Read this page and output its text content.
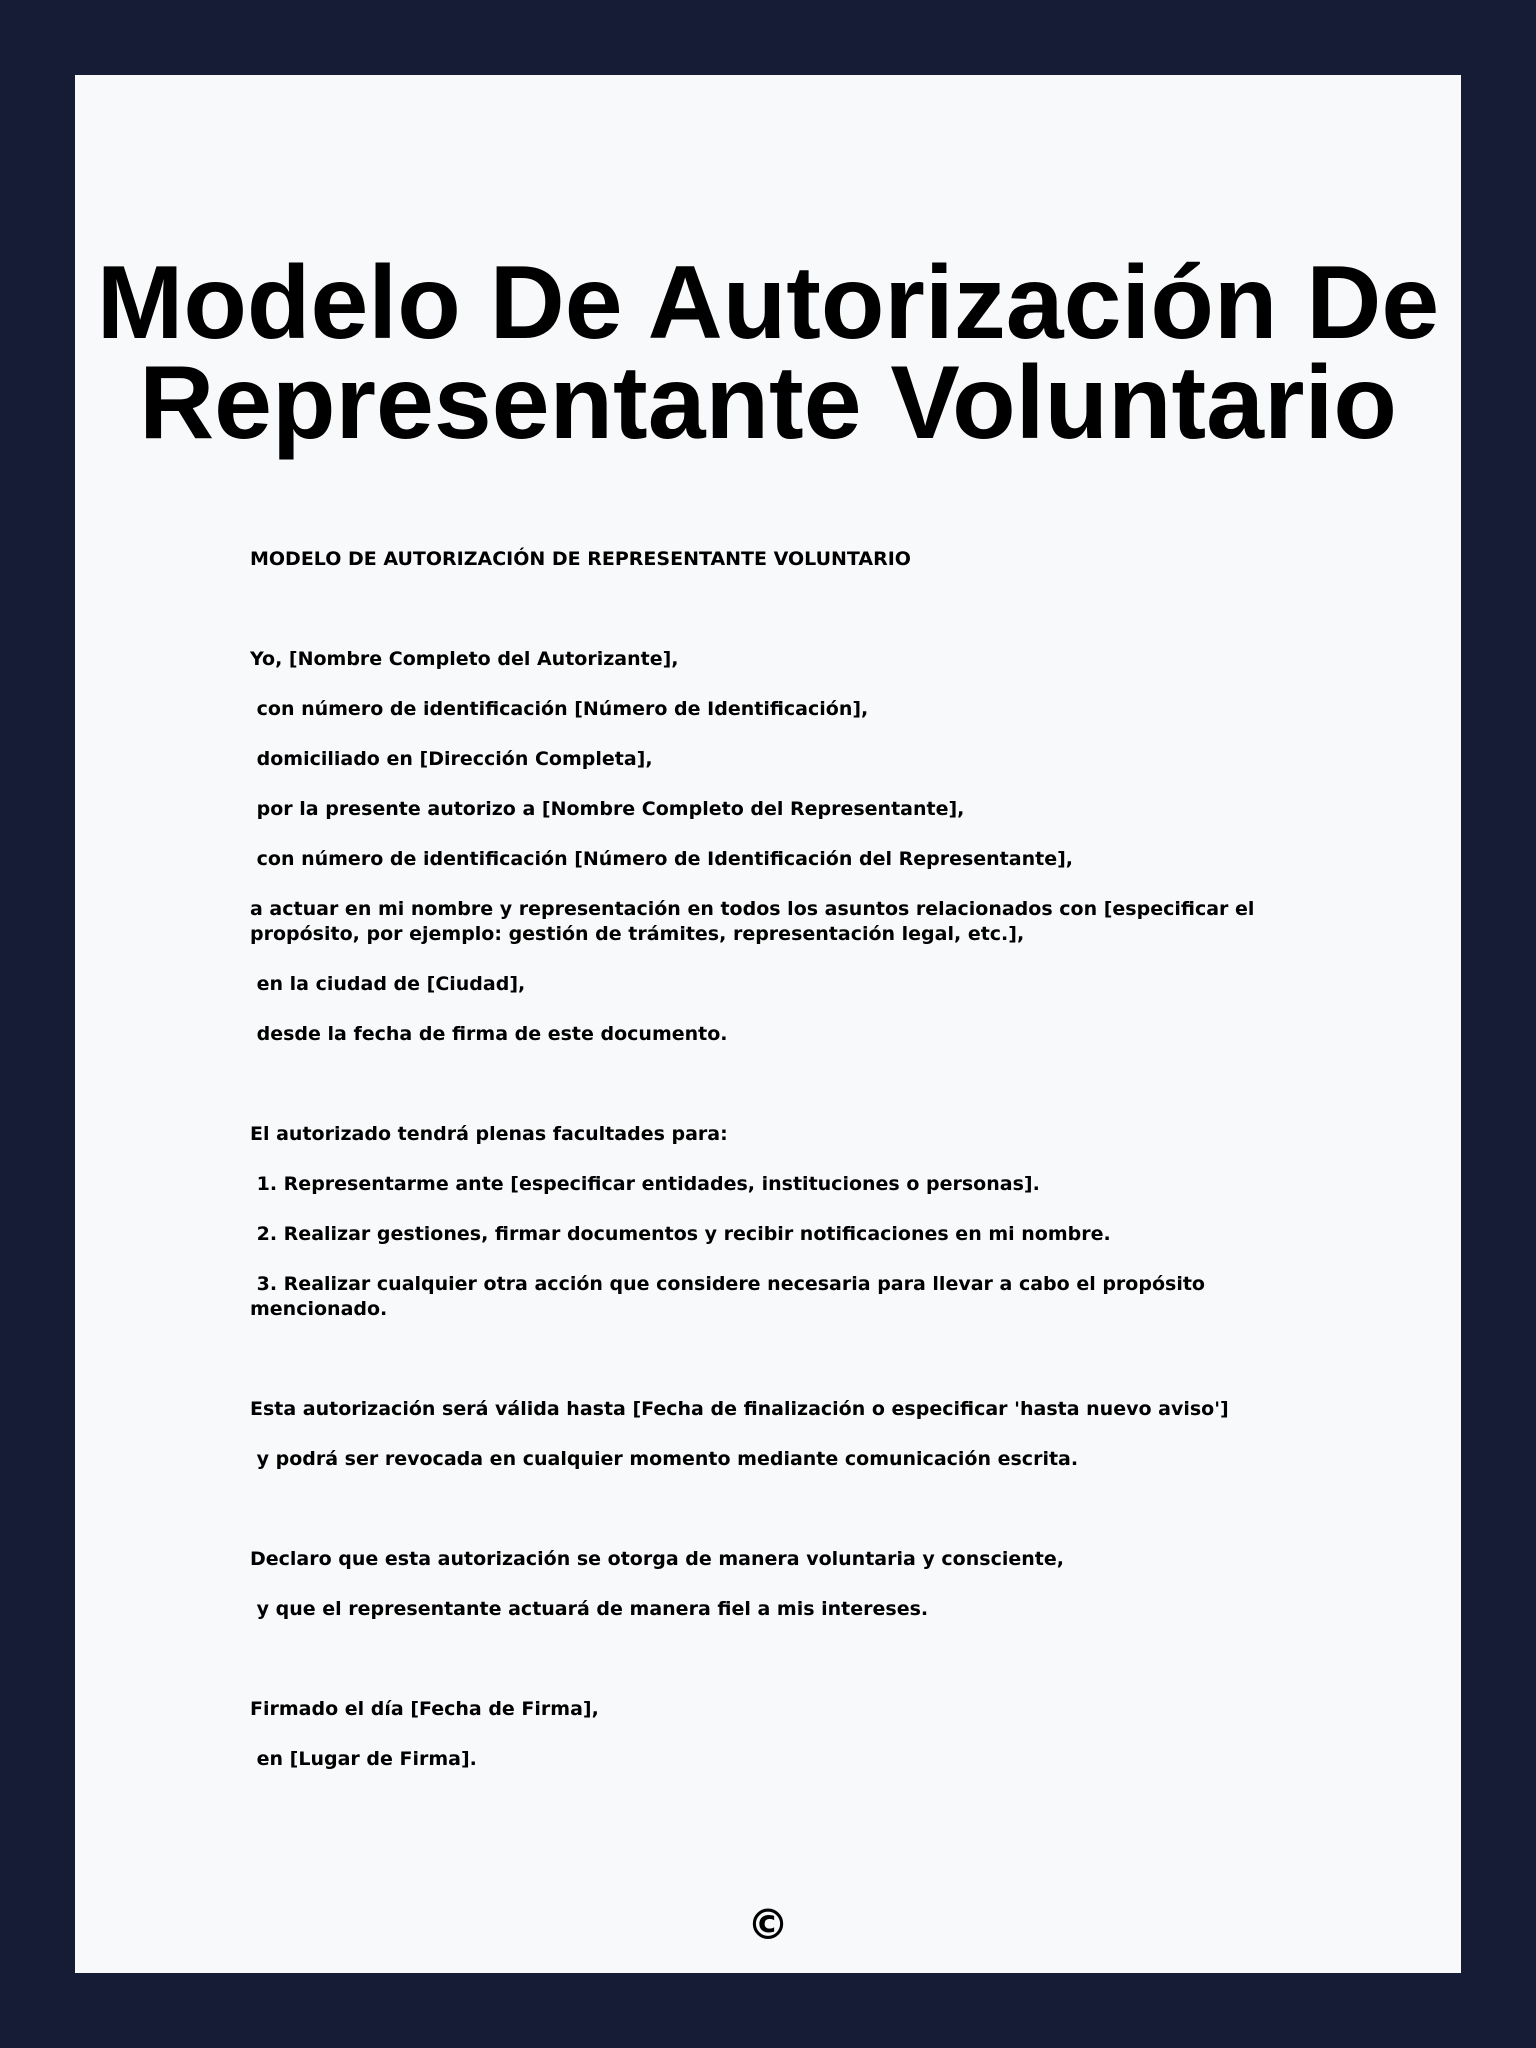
Modelo De Autorización De
Representante Voluntario

MODELO DE AUTORIZACIÓN DE REPRESENTANTE VOLUNTARIO

Yo, [Nombre Completo del Autorizante],

con número de identificación [Número de Identificación],

domiciliado en [Dirección Completa],

por la presente autorizo a [Nombre Completo del Representante],

con número de identificación [Número de Identificación del Representante],

a actuar en mi nombre y representación en todos los asuntos relacionados con [especificar el propósito, por ejemplo: gestión de trámites, representación legal, etc.],

en la ciudad de [Ciudad],

desde la fecha de firma de este documento.

El autorizado tendrá plenas facultades para:

1. Representarme ante [especificar entidades, instituciones o personas].

2. Realizar gestiones, firmar documentos y recibir notificaciones en mi nombre.

3. Realizar cualquier otra acción que considere necesaria para llevar a cabo el propósito mencionado.

Esta autorización será válida hasta [Fecha de finalización o especificar 'hasta nuevo aviso']

y podrá ser revocada en cualquier momento mediante comunicación escrita.

Declaro que esta autorización se otorga de manera voluntaria y consciente,

y que el representante actuará de manera fiel a mis intereses.

Firmado el día [Fecha de Firma],

en [Lugar de Firma].

©
